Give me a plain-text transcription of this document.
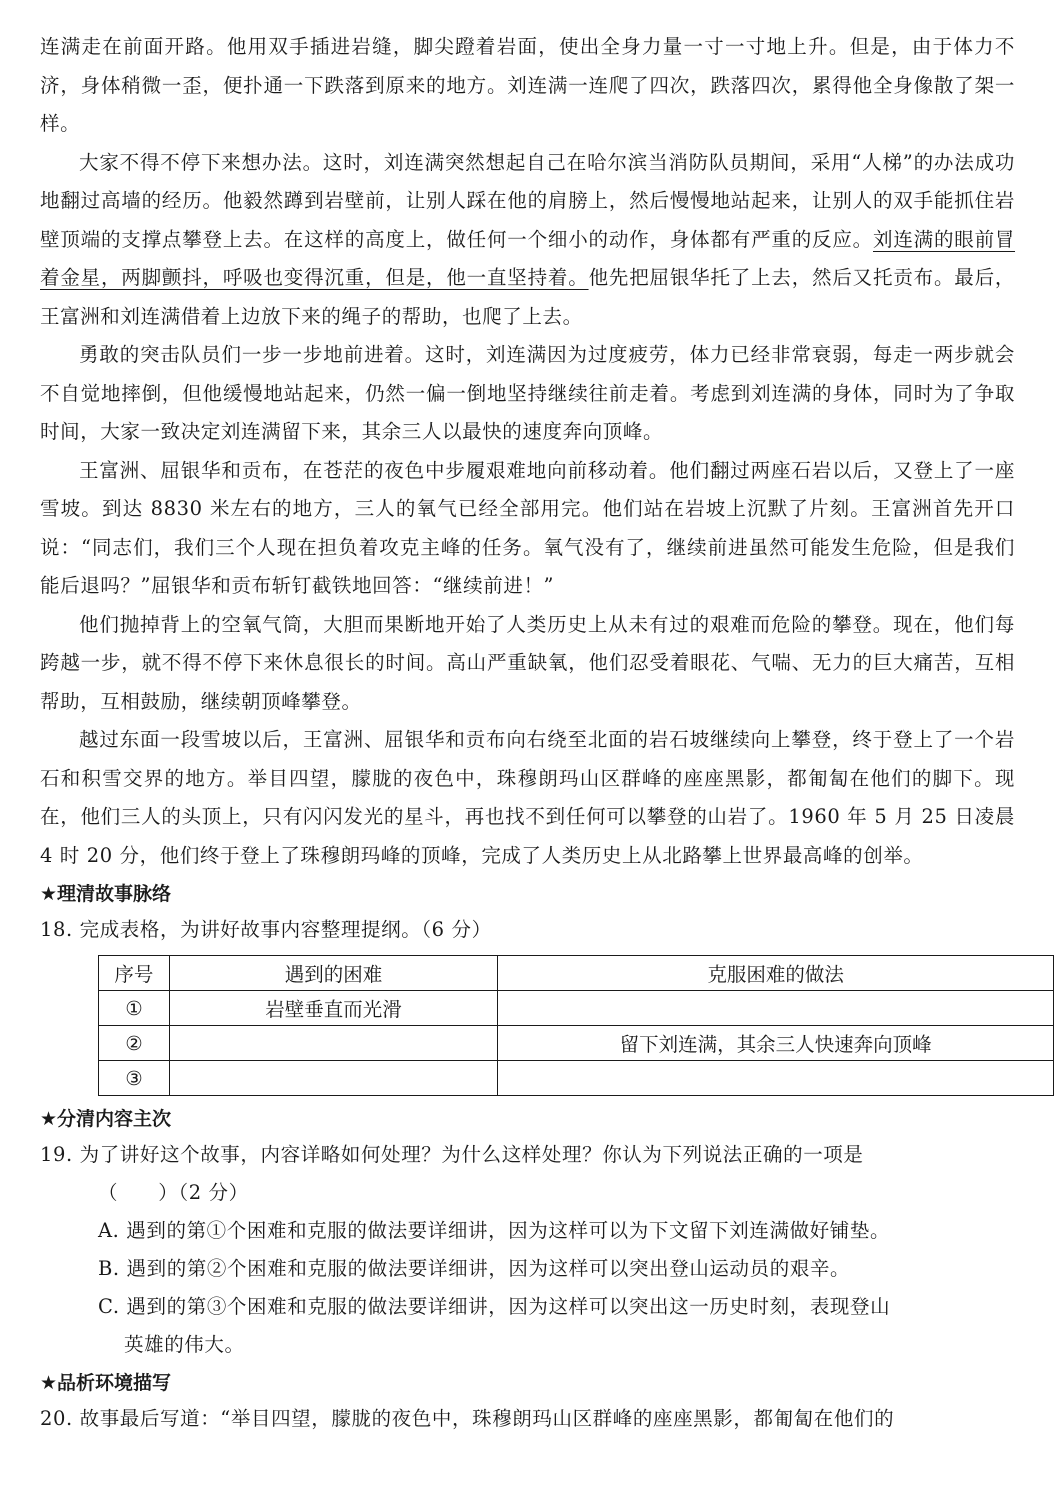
连满走在前面开路。他用双手插进岩缝，脚尖蹬着岩面，使出全身力量一寸一寸地上升。但是，由于体力不济，身体稍微一歪，便扑通一下跌落到原来的地方。刘连满一连爬了四次，跌落四次，累得他全身像散了架一样。

大家不得不停下来想办法。这时，刘连满突然想起自己在哈尔滨当消防队员期间，采用“人梯”的办法成功地翻过高墙的经历。他毅然蹲到岩壁前，让别人踩在他的肩膀上，然后慢慢地站起来，让别人的双手能抓住岩壁顶端的支撑点攀登上去。在这样的高度上，做任何一个细小的动作，身体都有严重的反应。刘连满的眼前冒着金星，两脚颤抖，呼吸也变得沉重，但是，他一直坚持着。他先把屈银华托了上去，然后又托贡布。最后，王富洲和刘连满借着上边放下来的绳子的帮助，也爬了上去。

勇敢的突击队员们一步一步地前进着。这时，刘连满因为过度疲劳，体力已经非常衰弱，每走一两步就会不自觉地摔倒，但他缓慢地站起来，仍然一偏一倒地坚持继续往前走着。考虑到刘连满的身体，同时为了争取时间，大家一致决定刘连满留下来，其余三人以最快的速度奔向顶峰。

王富洲、屈银华和贡布，在苍茫的夜色中步履艰难地向前移动着。他们翻过两座石岩以后，又登上了一座雪坡。到达 8830 米左右的地方，三人的氧气已经全部用完。他们站在岩坡上沉默了片刻。王富洲首先开口说：“同志们，我们三个人现在担负着攻克主峰的任务。氧气没有了，继续前进虽然可能发生危险，但是我们能后退吗？”屈银华和贡布斩钉截铁地回答：“继续前进！”

他们抛掉背上的空氧气筒，大胆而果断地开始了人类历史上从未有过的艰难而危险的攀登。现在，他们每跨越一步，就不得不停下来休息很长的时间。高山严重缺氧，他们忍受着眼花、气喘、无力的巨大痛苦，互相帮助，互相鼓励，继续朝顶峰攀登。

越过东面一段雪坡以后，王富洲、屈银华和贡布向右绕至北面的岩石坡继续向上攀登，终于登上了一个岩石和积雪交界的地方。举目四望，朦胧的夜色中，珠穆朗玛山区群峰的座座黑影，都匍匐在他们的脚下。现在，他们三人的头顶上，只有闪闪发光的星斗，再也找不到任何可以攀登的山岩了。1960 年 5 月 25 日凌晨 4 时 20 分，他们终于登上了珠穆朗玛峰的顶峰，完成了人类历史上从北路攀上世界最高峰的创举。

★理清故事脉络

18. 完成表格，为讲好故事内容整理提纲。（6 分）

序号	遇到的困难	克服困难的做法
①	岩壁垂直而光滑	
②		留下刘连满，其余三人快速奔向顶峰
③		
★分清内容主次

19. 为了讲好这个故事，内容详略如何处理？为什么这样处理？你认为下列说法正确的一项是

（　　）（2 分）

A. 遇到的第①个困难和克服的做法要详细讲，因为这样可以为下文留下刘连满做好铺垫。

B. 遇到的第②个困难和克服的做法要详细讲，因为这样可以突出登山运动员的艰辛。

C. 遇到的第③个困难和克服的做法要详细讲，因为这样可以突出这一历史时刻，表现登山

英雄的伟大。

★品析环境描写

20. 故事最后写道：“举目四望，朦胧的夜色中，珠穆朗玛山区群峰的座座黑影，都匍匐在他们的
